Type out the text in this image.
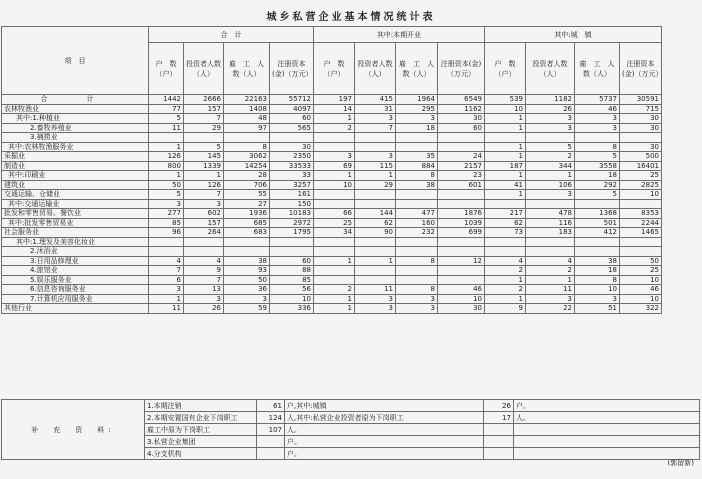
城乡私营企业基本情况统计表
项　目	合　计				其中:本期开业				其中:城　镇			
	户　数（户）	投资者人数（人）	雇　工　人　数（人）	注册资本(金)（万元）	户　数（户）	投资者人数（人）	雇　工　人　数（人）	注册资本(金)（万元）	户　数（户）	投资者人数（人）	雇　工　人　数（人）	注册资本(金)（万元）
合　计	1442	2666	22163	55712	197	415	1964	6549	539	1182	5737	30591
农林牧渔业	77	157	1408	4097	14	31	295	1162	10	26	46	715
其中:1.种植业	5	7	48	60	1	3	3	30	1	3	3	30
2.畜牧养殖业	11	29	97	565	2	7	18	60	1	3	3	30
3.捕捞业												
其中:农林牧渔服务业	1	5	8	30					1	5	8	30
采掘业	126	145	3062	2350	3	3	35	24	1	2	5	500
制造业	800	1339	14254	33533	69	115	884	2157	187	344	3558	16401
其中:印刷业	1	1	28	33	1	1	8	23	1	1	18	25
建筑业	50	126	706	3257	10	29	38	601	41	106	292	2825
交通运输、仓储业	5	7	55	161					1	3	5	10
其中:交通运输业	3	3	27	150								
批发和零售贸易、餐饮业	277	602	1936	10183	66	144	477	1876	217	478	1368	8353
其中:批发零售贸易业	85	157	685	2972	25	62	160	1039	62	116	501	2244
社会服务业	96	264	683	1795	34	90	232	699	73	183	412	1465
其中:1.理发及美容化妆业												
2.沐浴业												
3.日用品修理业	4	4	38	60	1	1	8	12	4	4	38	50
4.旅馆业	7	9	93	88					2	2	18	25
5.娱乐服务业	6	7	50	85					1	1	8	10
6.信息咨询服务业	3	13	36	56	2	11	8	46	2	11	10	46
7.计算机应用服务业	1	3	3	10	1	3	3	10	1	3	3	10
其他行业	11	26	59	336	1	3	3	30	9	22	51	322
补　充　资　料:	1.本期注销	61	户,其中:城镇	26	户。
	2.本期安置国有企业下岗职工	124	人,其中:私营企业投资者原为下岗职工	17	人。
	雇工中原为下岗职工	107	人。		
	3.私营企业集团		户。		
	4.分支机构		户。		
(郭留新)
